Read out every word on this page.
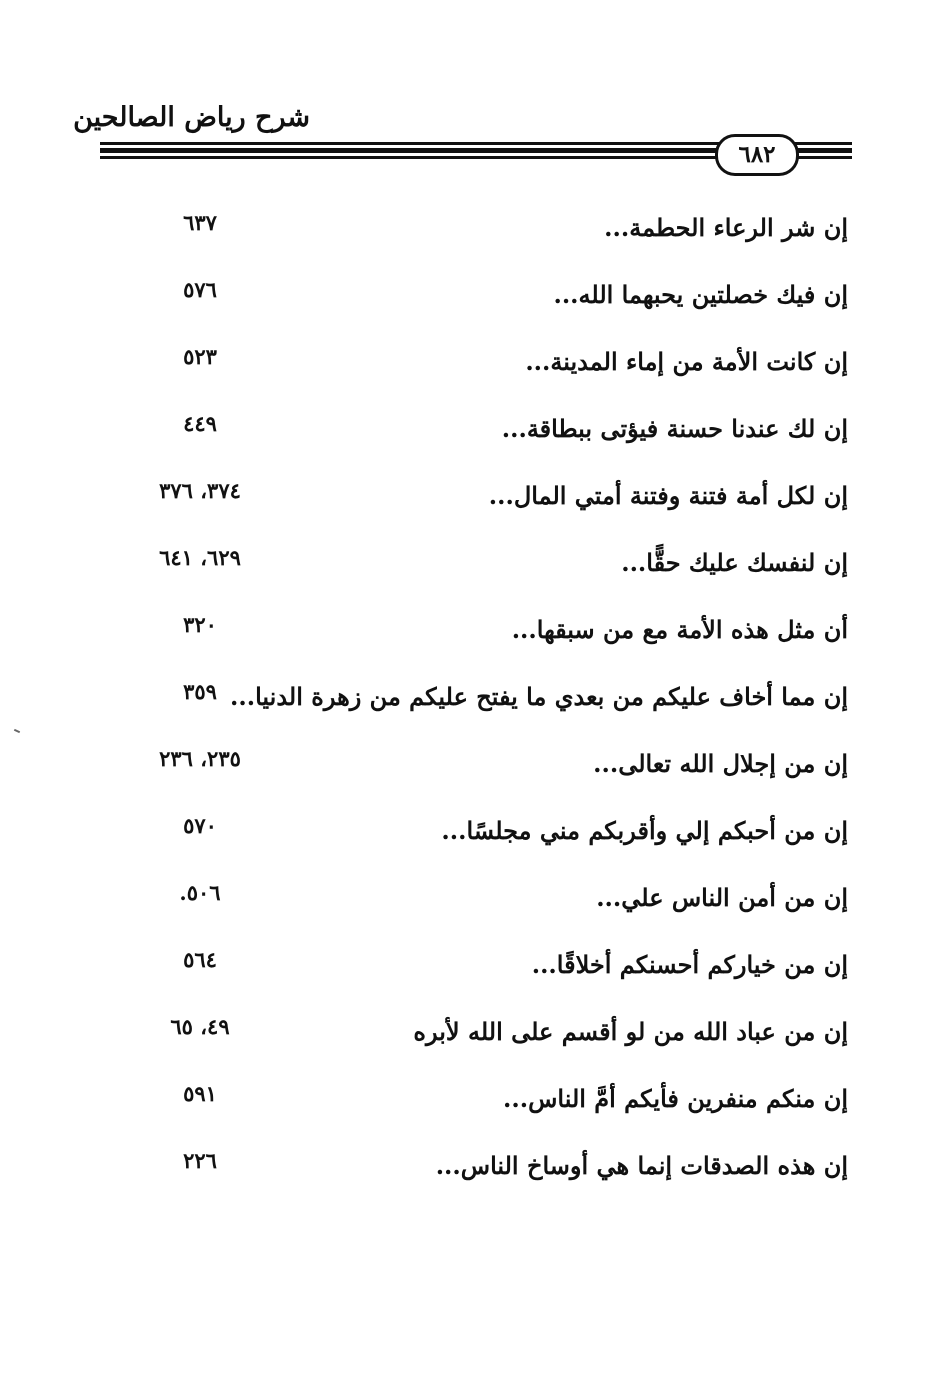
شرح رياض الصالحين
٦٨٢
إن شر الرعاء الحطمة...
٦٣٧
إن فيك خصلتين يحبهما الله...
٥٧٦
إن كانت الأمة من إماء المدينة...
٥٢٣
إن لك عندنا حسنة فيؤتى ببطاقة...
٤٤٩
إن لكل أمة فتنة وفتنة أمتي المال...
٣٧٤، ٣٧٦
إن لنفسك عليك حقًّا...
٦٢٩، ٦٤١
أن مثل هذه الأمة مع من سبقها...
٣٢٠
إن مما أخاف عليكم من بعدي ما يفتح عليكم من زهرة الدنيا...
٣٥٩
إن من إجلال الله تعالى...
٢٣٥، ٢٣٦
إن من أحبكم إلي وأقربكم مني مجلسًا...
٥٧٠
إن من أمن الناس علي...
٥٠٦.
إن من خياركم أحسنكم أخلاقًا...
٥٦٤
إن من عباد الله من لو أقسم على الله لأبره
٤٩، ٦٥
إن منكم منفرين فأيكم أمَّ الناس...
٥٩١
إن هذه الصدقات إنما هي أوساخ الناس...
٢٢٦
